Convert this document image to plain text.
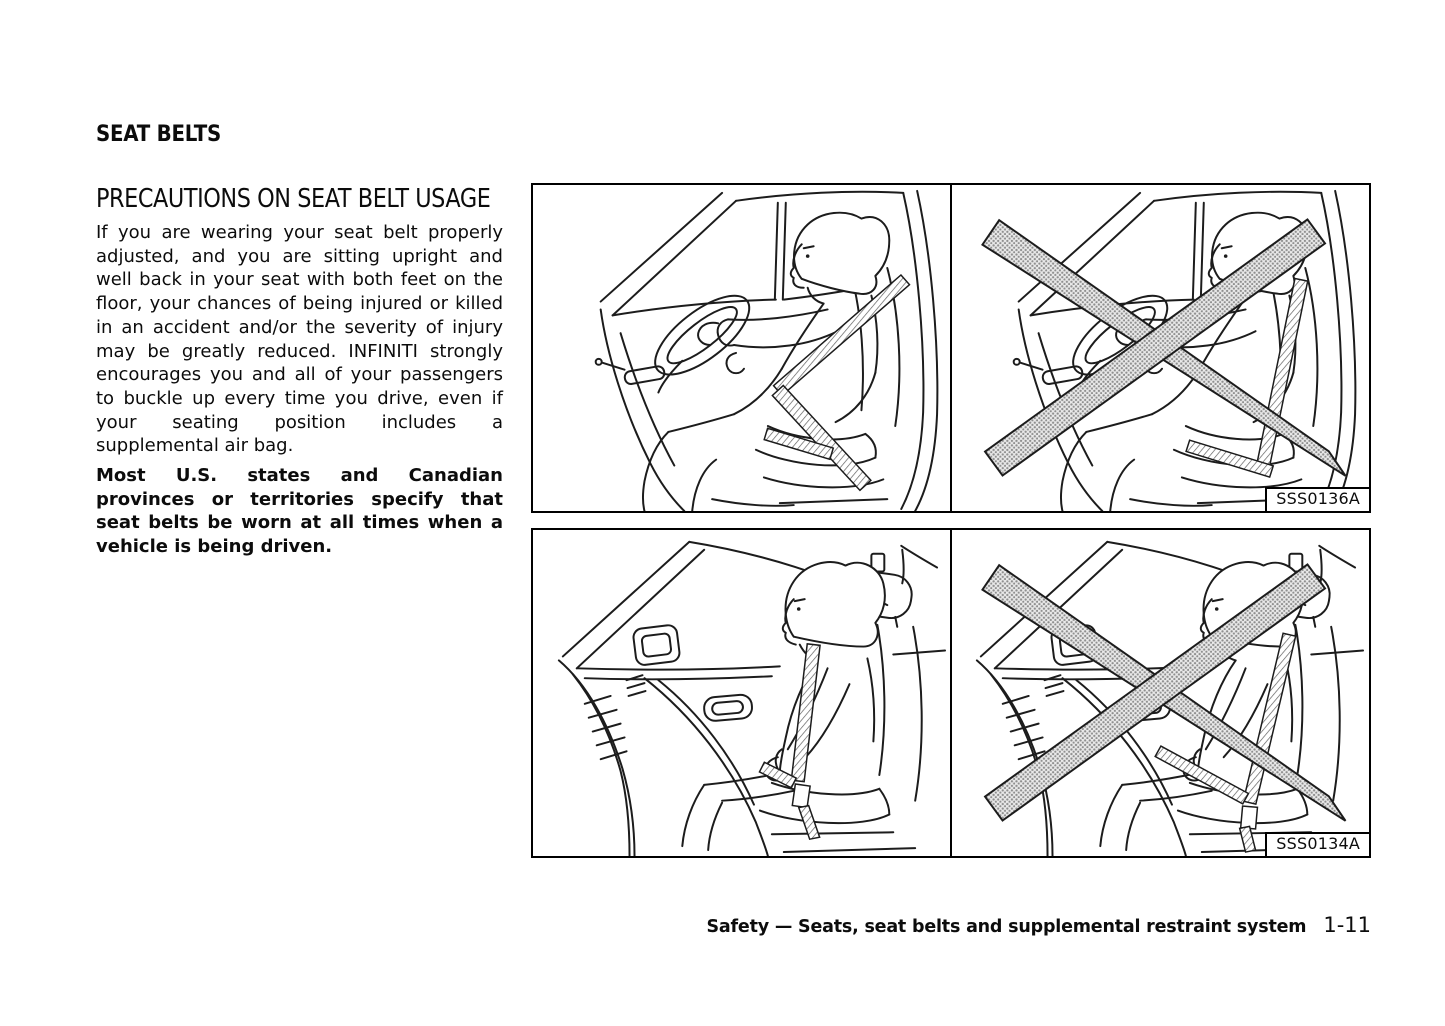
SEAT BELTS
PRECAUTIONS ON SEAT BELT USAGE

If you are wearing your seat belt properly adjusted, and you are sitting upright and well back in your seat with both feet on the floor, your chances of being injured or killed in an accident and/or the severity of injury may be greatly reduced. INFINITI strongly encourages you and all of your passengers to buckle up every time you drive, even if your seating position includes a supplemental air bag.

Most U.S. states and Canadian provinces or territories specify that seat belts be worn at all times when a vehicle is being driven.

SSS0136A
SSS0134A
Safety — Seats, seat belts and supplemental restraint system 1-11
